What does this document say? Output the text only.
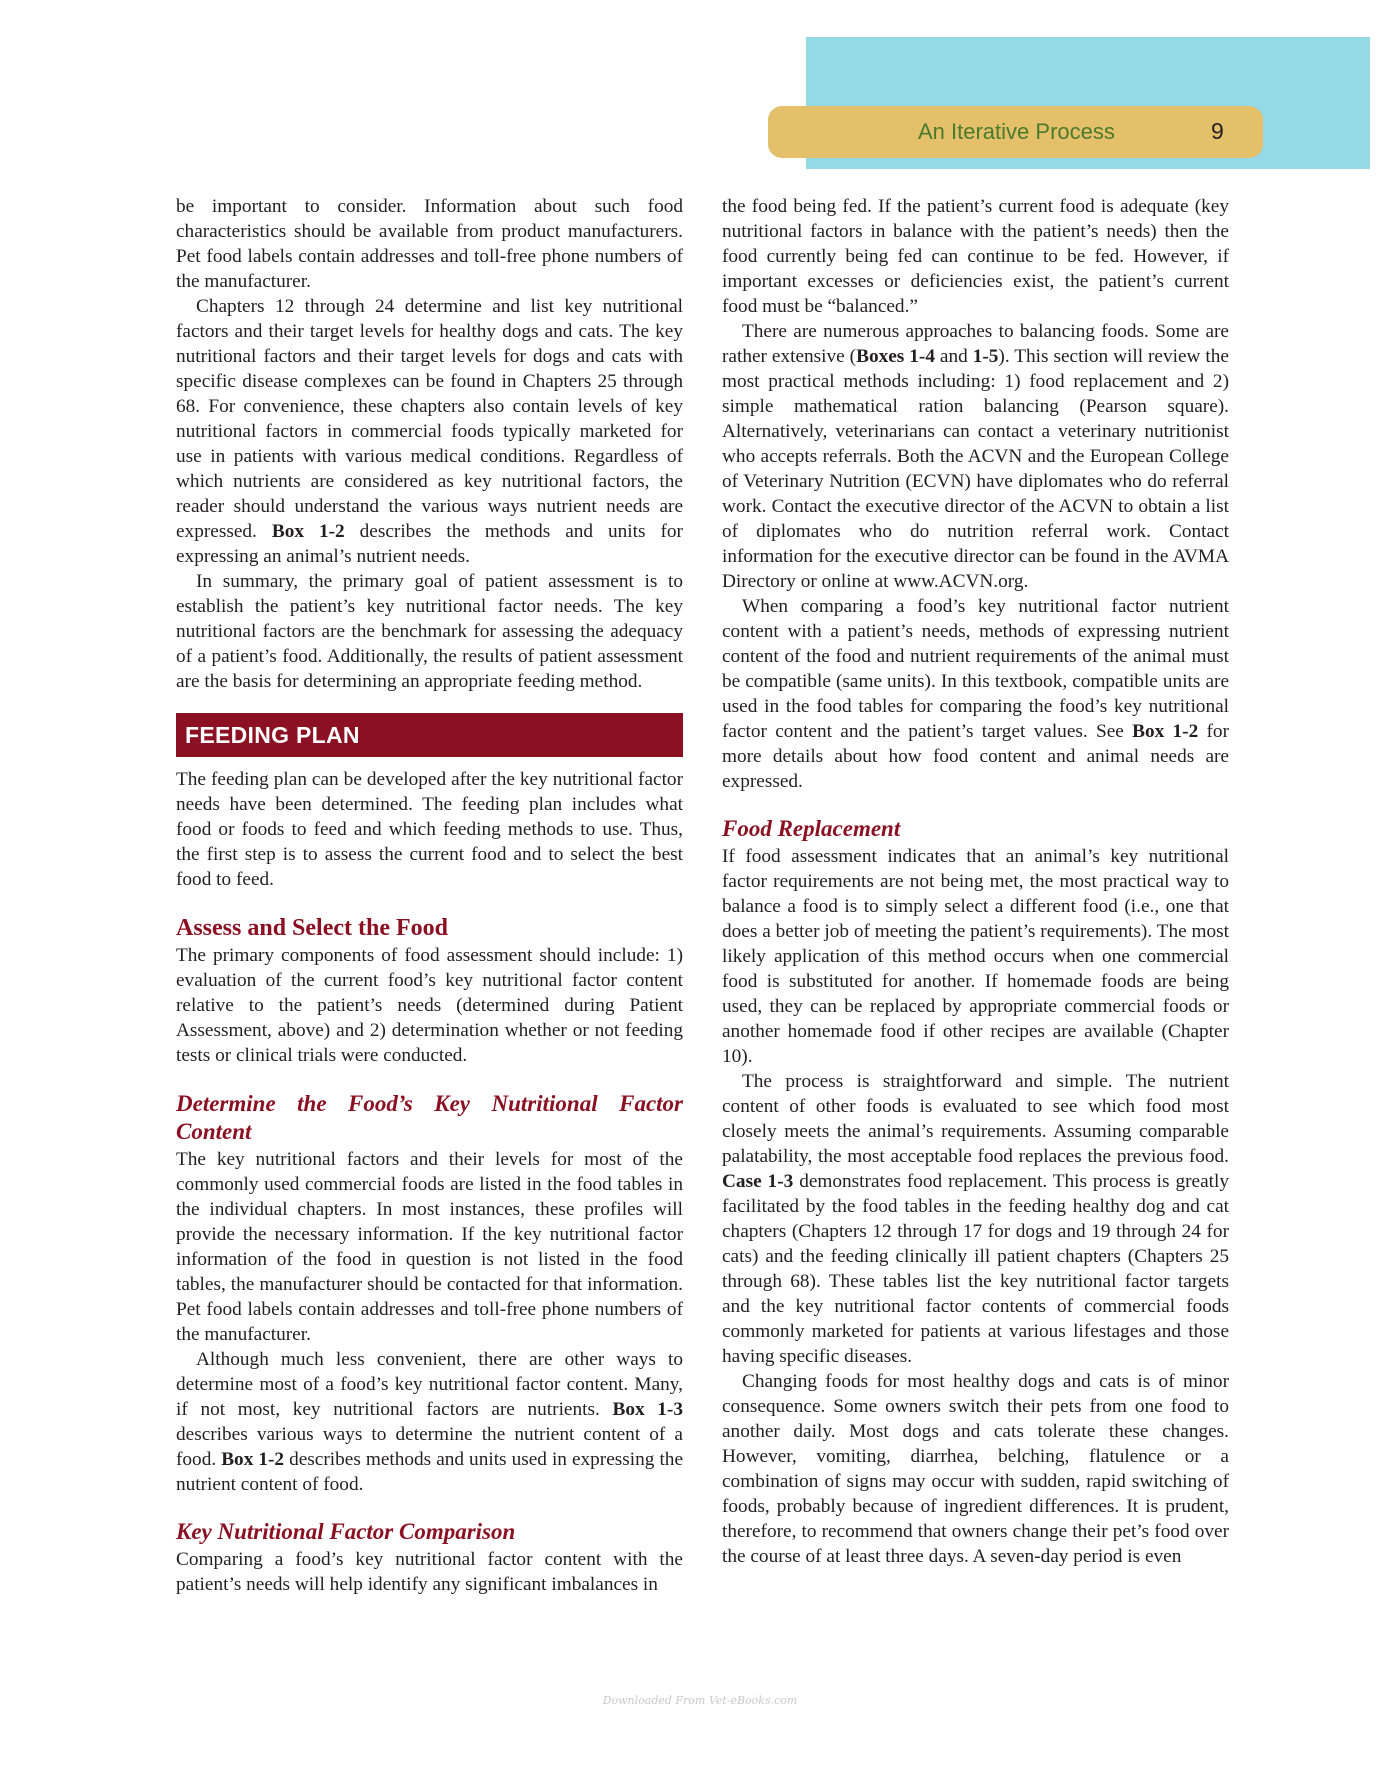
An Iterative Process	9

be important to consider. Information about such food characteristics should be available from product manufacturers. Pet food labels contain addresses and toll-free phone numbers of the manufacturer.

Chapters 12 through 24 determine and list key nutritional factors and their target levels for healthy dogs and cats. The key nutritional factors and their target levels for dogs and cats with specific disease complexes can be found in Chapters 25 through 68. For convenience, these chapters also contain levels of key nutritional factors in commercial foods typically marketed for use in patients with various medical conditions. Regardless of which nutrients are considered as key nutritional factors, the reader should understand the various ways nutrient needs are expressed. Box 1-2 describes the methods and units for expressing an animal’s nutrient needs.

In summary, the primary goal of patient assessment is to establish the patient’s key nutritional factor needs. The key nutritional factors are the benchmark for assessing the adequacy of a patient’s food. Additionally, the results of patient assessment are the basis for determining an appropriate feeding method.

FEEDING PLAN

The feeding plan can be developed after the key nutritional factor needs have been determined. The feeding plan includes what food or foods to feed and which feeding methods to use. Thus, the first step is to assess the current food and to select the best food to feed.

Assess and Select the Food

The primary components of food assessment should include: 1) evaluation of the current food’s key nutritional factor content relative to the patient’s needs (determined during Patient Assessment, above) and 2) determination whether or not feeding tests or clinical trials were conducted.

Determine the Food’s Key Nutritional Factor Content

The key nutritional factors and their levels for most of the commonly used commercial foods are listed in the food tables in the individual chapters. In most instances, these profiles will provide the necessary information. If the key nutritional factor information of the food in question is not listed in the food tables, the manufacturer should be contacted for that information. Pet food labels contain addresses and toll-free phone numbers of the manufacturer.

Although much less convenient, there are other ways to determine most of a food’s key nutritional factor content. Many, if not most, key nutritional factors are nutrients. Box 1-3 describes various ways to determine the nutrient content of a food. Box 1-2 describes methods and units used in expressing the nutrient content of food.

Key Nutritional Factor Comparison

Comparing a food’s key nutritional factor content with the patient’s needs will help identify any significant imbalances in

the food being fed. If the patient’s current food is adequate (key nutritional factors in balance with the patient’s needs) then the food currently being fed can continue to be fed. However, if important excesses or deficiencies exist, the patient’s current food must be “balanced.”

There are numerous approaches to balancing foods. Some are rather extensive (Boxes 1-4 and 1-5). This section will review the most practical methods including: 1) food replacement and 2) simple mathematical ration balancing (Pearson square). Alternatively, veterinarians can contact a veterinary nutritionist who accepts referrals. Both the ACVN and the European College of Veterinary Nutrition (ECVN) have diplomates who do referral work. Contact the executive director of the ACVN to obtain a list of diplomates who do nutrition referral work. Contact information for the executive director can be found in the AVMA Directory or online at www.ACVN.org.

When comparing a food’s key nutritional factor nutrient content with a patient’s needs, methods of expressing nutrient content of the food and nutrient requirements of the animal must be compatible (same units). In this textbook, compatible units are used in the food tables for comparing the food’s key nutritional factor content and the patient’s target values. See Box 1-2 for more details about how food content and animal needs are expressed.

Food Replacement

If food assessment indicates that an animal’s key nutritional factor requirements are not being met, the most practical way to balance a food is to simply select a different food (i.e., one that does a better job of meeting the patient’s requirements). The most likely application of this method occurs when one commercial food is substituted for another. If homemade foods are being used, they can be replaced by appropriate commercial foods or another homemade food if other recipes are available (Chapter 10).

The process is straightforward and simple. The nutrient content of other foods is evaluated to see which food most closely meets the animal’s requirements. Assuming comparable palatability, the most acceptable food replaces the previous food. Case 1-3 demonstrates food replacement. This process is greatly facilitated by the food tables in the feeding healthy dog and cat chapters (Chapters 12 through 17 for dogs and 19 through 24 for cats) and the feeding clinically ill patient chapters (Chapters 25 through 68). These tables list the key nutritional factor targets and the key nutritional factor contents of commercial foods commonly marketed for patients at various lifestages and those having specific diseases.

Changing foods for most healthy dogs and cats is of minor consequence. Some owners switch their pets from one food to another daily. Most dogs and cats tolerate these changes. However, vomiting, diarrhea, belching, flatulence or a combination of signs may occur with sudden, rapid switching of foods, probably because of ingredient differences. It is prudent, therefore, to recommend that owners change their pet’s food over the course of at least three days. A seven-day period is even

Downloaded From Vet-eBooks.com
